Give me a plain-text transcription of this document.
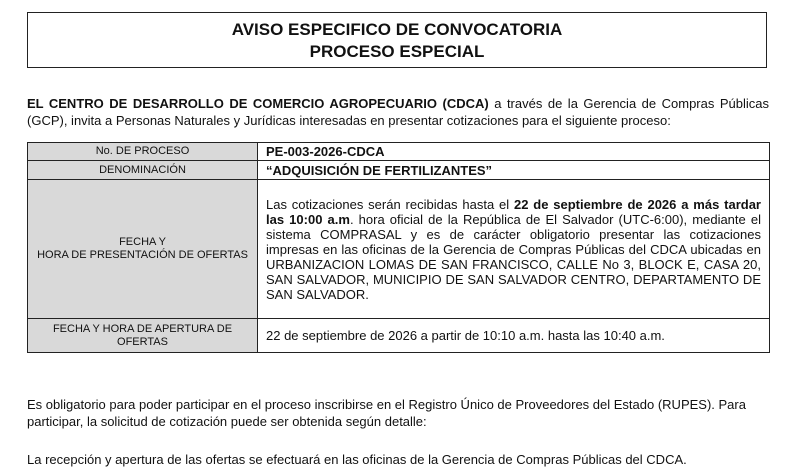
AVISO ESPECIFICO DE CONVOCATORIA
PROCESO ESPECIAL
EL CENTRO DE DESARROLLO DE COMERCIO AGROPECUARIO (CDCA) a través de la Gerencia de Compras Públicas (GCP), invita a Personas Naturales y Jurídicas interesadas en presentar cotizaciones para el siguiente proceso:
No. DE PROCESO	PE-003-2026-CDCA
DENOMINACIÓN	“ADQUISICIÓN DE FERTILIZANTES”

FECHA Y
HORA DE PRESENTACIÓN DE OFERTAS	Las cotizaciones serán recibidas hasta el 22 de septiembre de 2026 a más tardar las 10:00 a.m. hora oficial de la República de El Salvador (UTC-6:00), mediante el sistema COMPRASAL y es de carácter obligatorio presentar las cotizaciones impresas en las oficinas de la Gerencia de Compras Públicas del CDCA ubicadas en URBANIZACION LOMAS DE SAN FRANCISCO, CALLE No 3, BLOCK E, CASA 20, SAN SALVADOR, MUNICIPIO DE SAN SALVADOR CENTRO, DEPARTAMENTO DE SAN SALVADOR.

FECHA Y HORA DE APERTURA DE
OFERTAS	22 de septiembre de 2026 a partir de 10:10 a.m. hasta las 10:40 a.m.
Es obligatorio para poder participar en el proceso inscribirse en el Registro Único de Proveedores del Estado (RUPES). Para participar, la solicitud de cotización puede ser obtenida según detalle:
La recepción y apertura de las ofertas se efectuará en las oficinas de la Gerencia de Compras Públicas del CDCA.
